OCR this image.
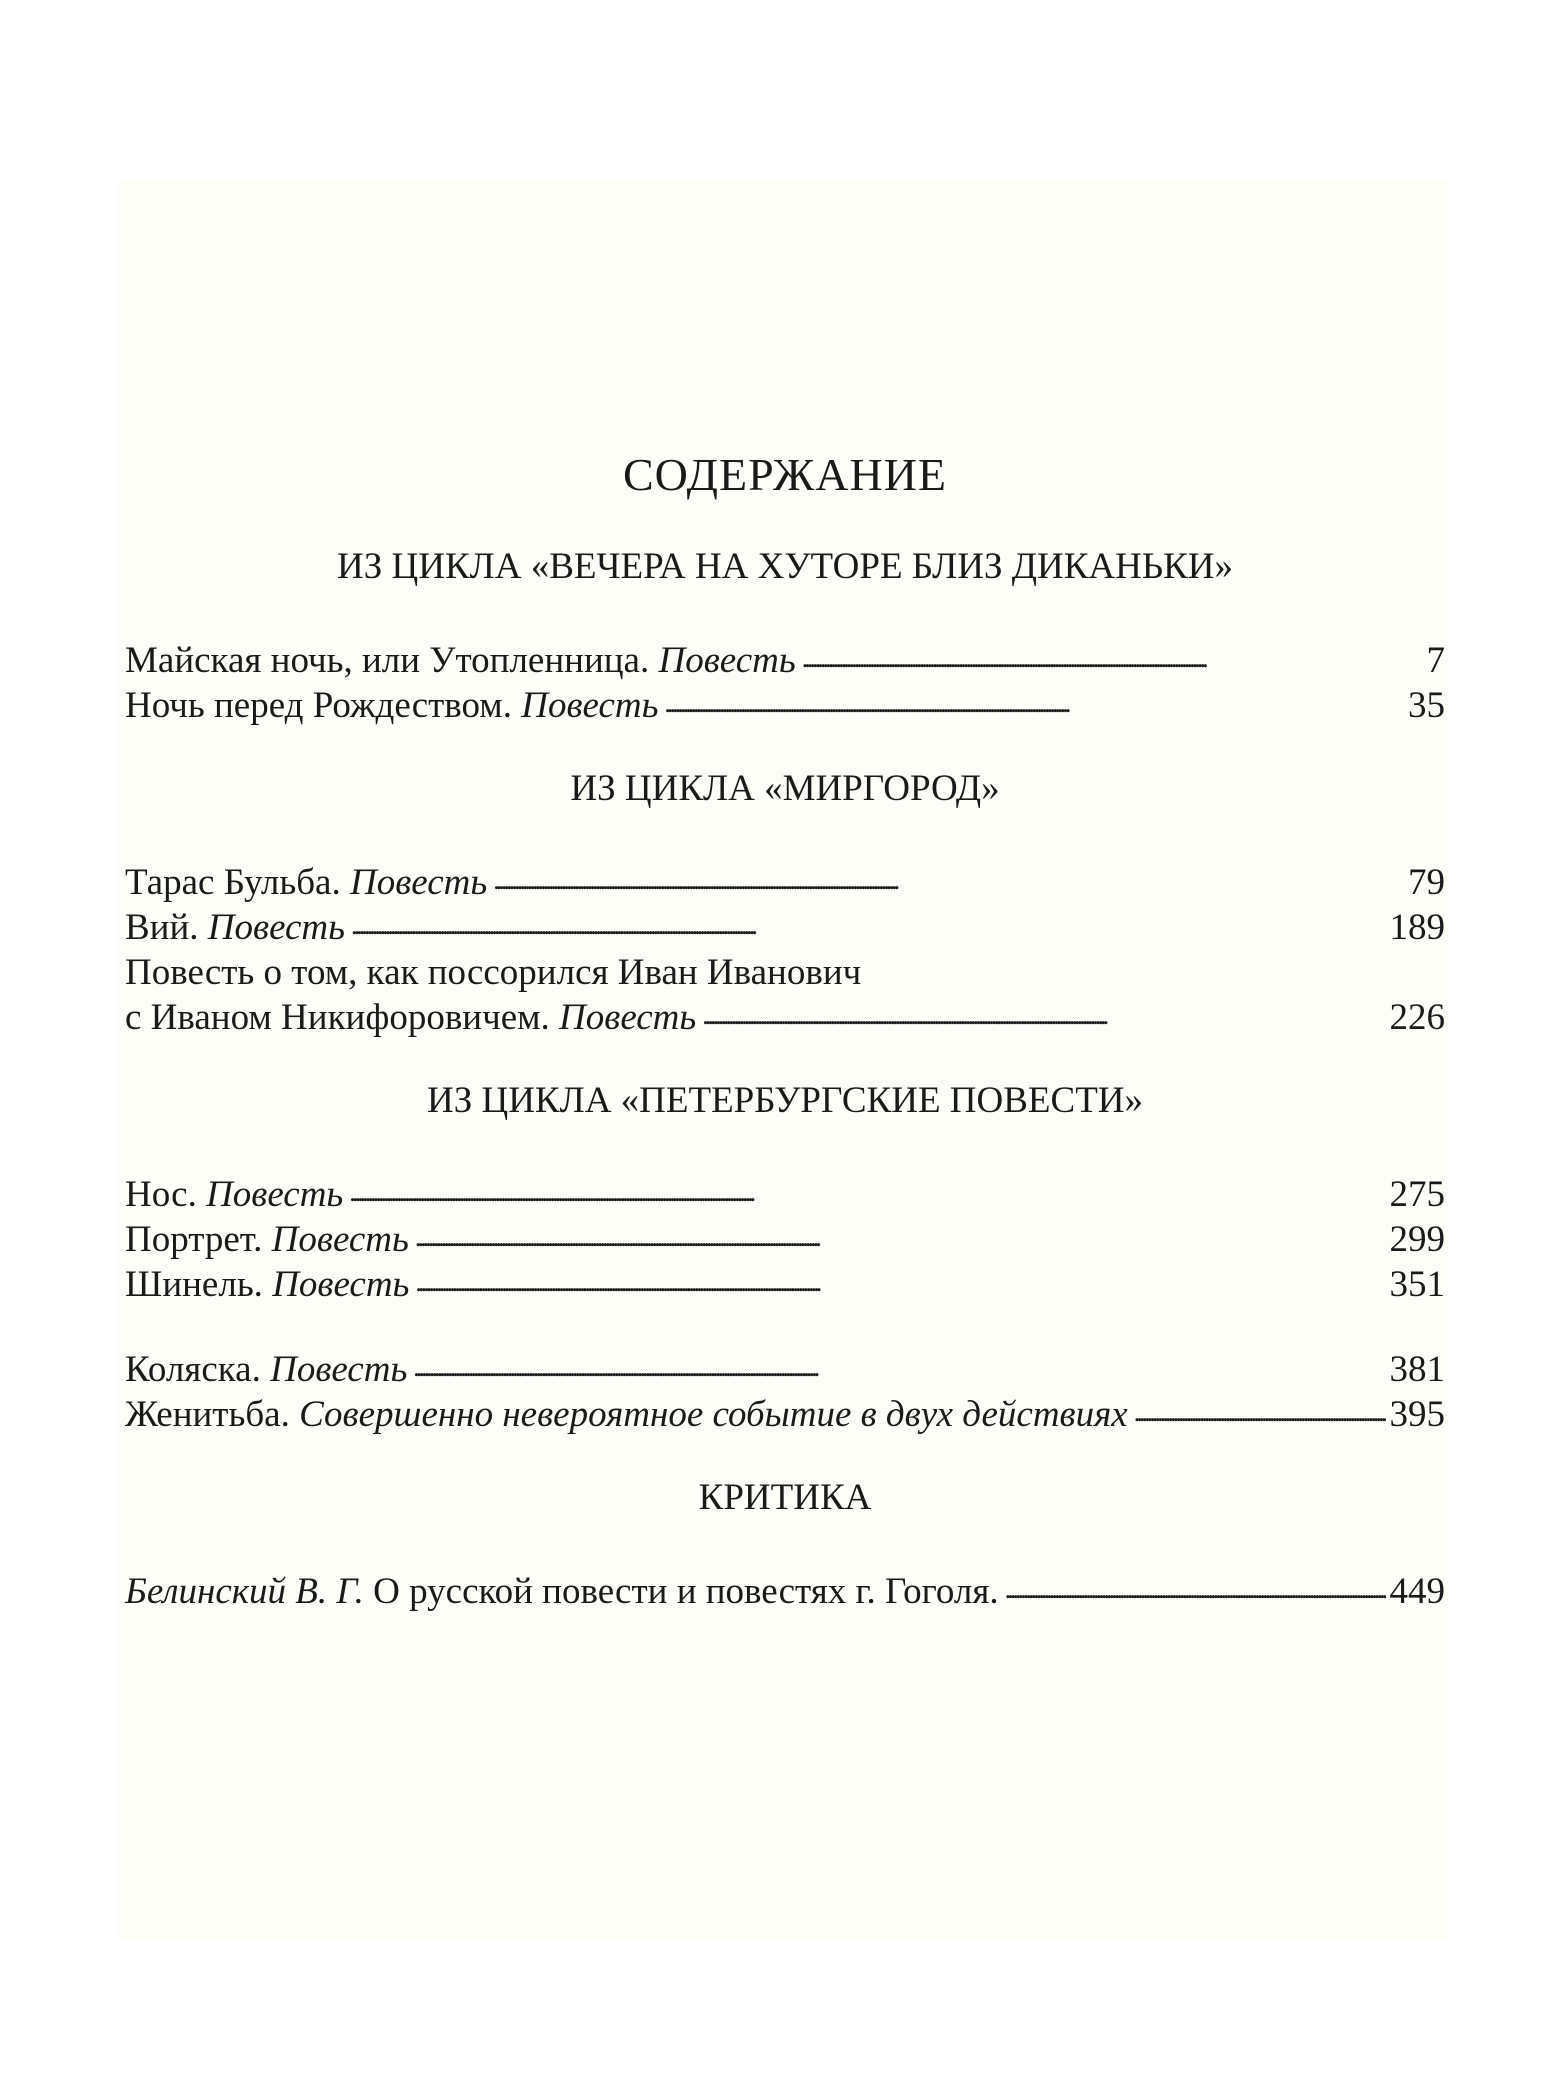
СОДЕРЖАНИЕ
ИЗ ЦИКЛА «ВЕЧЕРА НА ХУТОРЕ БЛИЗ ДИКАНЬКИ»
Майская ночь, или Утопленница. Повесть . . .	7
Ночь перед Рождеством. Повесть . . .	35
ИЗ ЦИКЛА «МИРГОРОД»
Тарас Бульба. Повесть . . .	79
Вий. Повесть . . .	189
Повесть о том, как поссорился Иван Иванович
с Иваном Никифоровичем. Повесть . . .	226
ИЗ ЦИКЛА «ПЕТЕРБУРГСКИЕ ПОВЕСТИ»
Нос. Повесть . . .	275
Портрет. Повесть . . .	299
Шинель. Повесть . . .	351
Коляска. Повесть . . .	381
Женитьба. Совершенно невероятное событие в двух действиях . . .	395
КРИТИКА
Белинский В. Г. О русской повести и повестях г. Гоголя. . . .	449
